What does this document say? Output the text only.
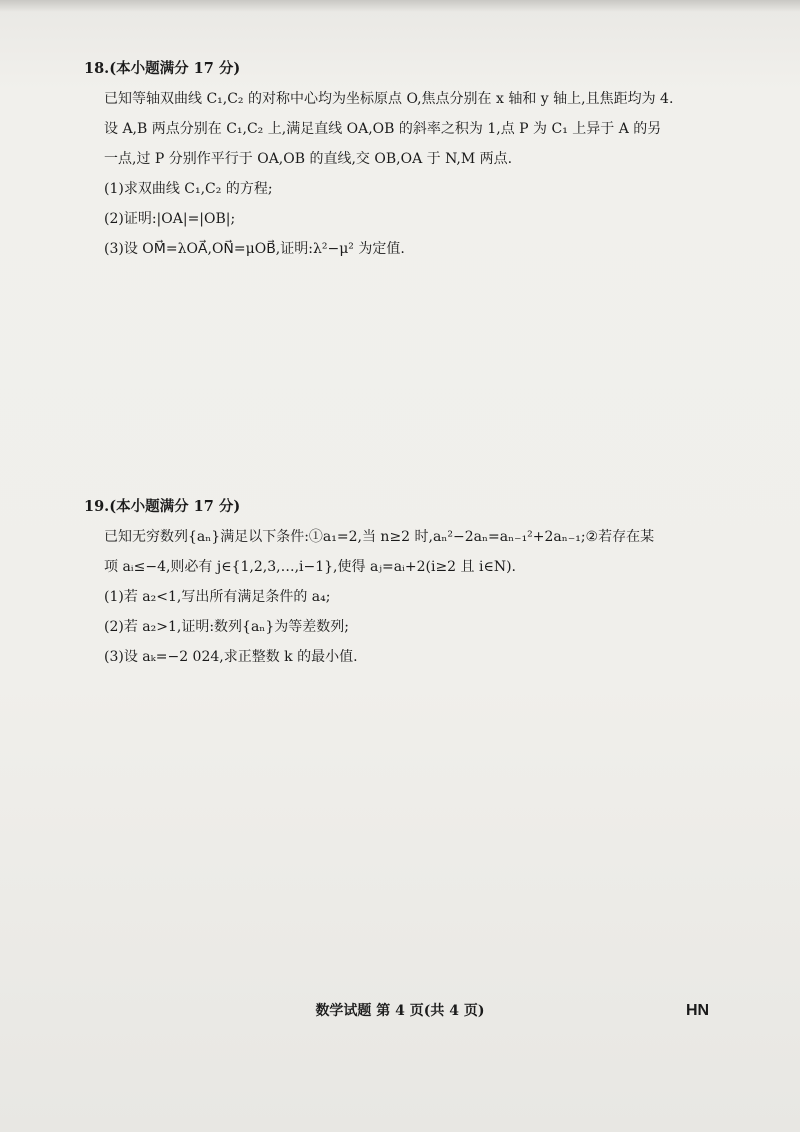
18.(本小题满分 17 分)

已知等轴双曲线 C₁,C₂ 的对称中心均为坐标原点 O,焦点分别在 x 轴和 y 轴上,且焦距均为 4.

设 A,B 两点分别在 C₁,C₂ 上,满足直线 OA,OB 的斜率之积为 1,点 P 为 C₁ 上异于 A 的另

一点,过 P 分别作平行于 OA,OB 的直线,交 OB,OA 于 N,M 两点.

(1)求双曲线 C₁,C₂ 的方程;

(2)证明:|OA|=|OB|;

(3)设 OM⃗=λOA⃗,ON⃗=μOB⃗,证明:λ²−μ² 为定值.

19.(本小题满分 17 分)

已知无穷数列{aₙ}满足以下条件:①a₁=2,当 n≥2 时,aₙ²−2aₙ=aₙ₋₁²+2aₙ₋₁;②若存在某

项 aᵢ≤−4,则必有 j∈{1,2,3,…,i−1},使得 aⱼ=aᵢ+2(i≥2 且 i∈N).

(1)若 a₂<1,写出所有满足条件的 a₄;

(2)若 a₂>1,证明:数列{aₙ}为等差数列;

(3)设 aₖ=−2 024,求正整数 k 的最小值.

数学试题 第 4 页(共 4 页)	HN
